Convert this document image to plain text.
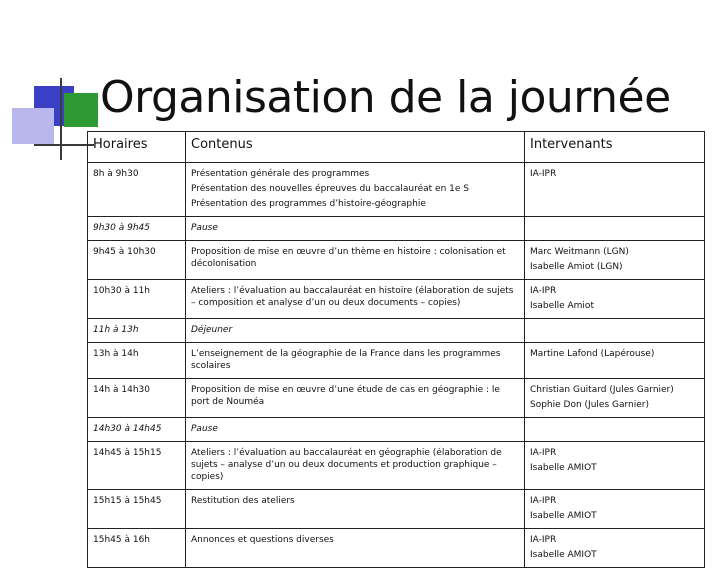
Organisation de la journée
Horaires	Contenus	Intervenants
8h à 9h30	Présentation générale des programmes
Présentation des nouvelles épreuves du baccalauréat en 1e S
Présentation des programmes d’histoire-géographie	IA-IPR

9h30 à 9h45	Pause	

9h45 à 10h30	Proposition de mise en œuvre d’un thème en histoire : colonisation et décolonisation	Marc Weitmann (LGN)
Isabelle Amiot (LGN)

10h30 à 11h	Ateliers : l’évaluation au baccalauréat en histoire (élaboration de sujets – composition et analyse d’un ou deux documents – copies)	IA-IPR
Isabelle Amiot

11h à 13h	Déjeuner	

13h à 14h	L’enseignement de la géographie de la France dans les programmes scolaires	Martine Lafond (Lapérouse)

14h à 14h30	Proposition de mise en œuvre d’une étude de cas en géographie : le port de Nouméa	Christian Guitard (Jules Garnier)
Sophie Don (Jules Garnier)

14h30 à 14h45	Pause	

14h45 à 15h15	Ateliers : l’évaluation au baccalauréat en géographie (élaboration de sujets – analyse d’un ou deux documents et production graphique – copies)	IA-IPR
Isabelle AMIOT

15h15 à 15h45	Restitution des ateliers	IA-IPR
Isabelle AMIOT

15h45 à 16h	Annonces et questions diverses	IA-IPR
Isabelle AMIOT
